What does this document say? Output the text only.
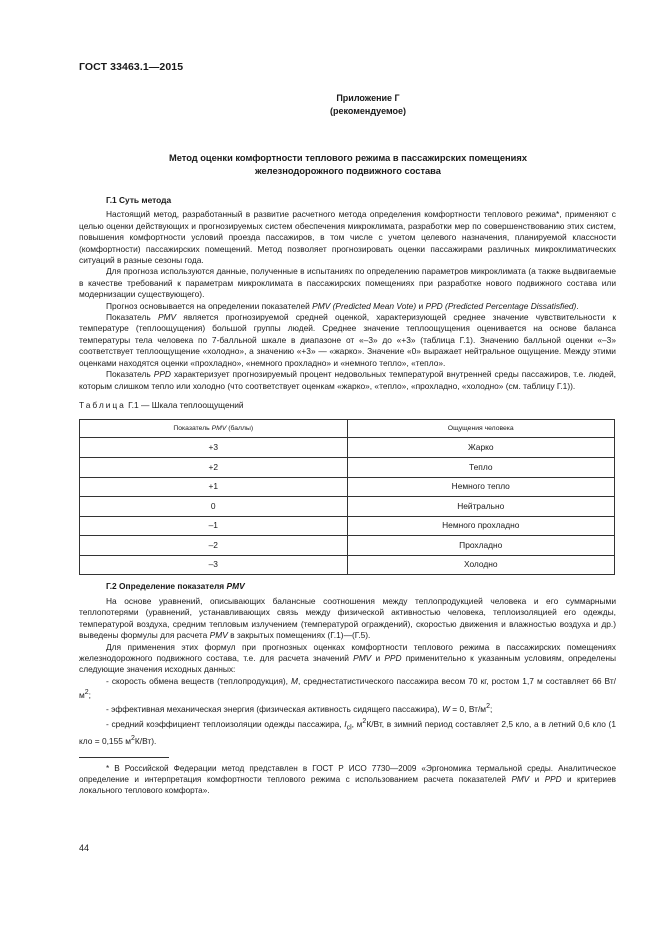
ГОСТ 33463.1—2015
Приложение Г
(рекомендуемое)
Метод оценки комфортности теплового режима в пассажирских помещениях
железнодорожного подвижного состава

Г.1 Суть метода

Настоящий метод, разработанный в развитие расчетного метода определения комфортности теплового режима*, применяют с целью оценки действующих и прогнозируемых систем обеспечения микроклимата, разработки мер по совершенствованию этих систем, повышения комфортности условий проезда пассажиров, в том числе с учетом целевого назначения, планируемой классности (комфортности) пассажирских помещений. Метод позволяет прогнозировать оценки пассажирами различных микроклиматических ситуаций в разные сезоны года.

Для прогноза используются данные, полученные в испытаниях по определению параметров микроклимата (а также выдвигаемые в качестве требований к параметрам микроклимата в пассажирских помещениях при разработке нового подвижного состава или модернизации существующего).

Прогноз основывается на определении показателей PMV (Predicted Mean Vote) и PPD (Predicted Percentage Dissatisfied).

Показатель PMV является прогнозируемой средней оценкой, характеризующей среднее значение чувствительности к температуре (теплоощущения) большой группы людей. Среднее значение теплоощущения оценивается на основе баланса температуры тела человека по 7-балльной шкале в диапазоне от «–3» до «+3» (таблица Г.1). Значению балльной оценки «–3» соответствует теплоощущение «холодно», а значению «+3» — «жарко». Значение «0» выражает нейтральное ощущение. Между этими оценками находятся оценки «прохладно», «немного прохладно» и «немного тепло», «тепло».

Показатель PPD характеризует прогнозируемый процент недовольных температурой внутренней среды пассажиров, т.е. людей, которым слишком тепло или холодно (что соответствует оценкам «жарко», «тепло», «прохладно, «холодно» (см. таблицу Г.1)).

Таблица Г.1 — Шкала теплоощущений
Показатель PMV (баллы)	Ощущения человека
+3	Жарко
+2	Тепло
+1	Немного тепло
0	Нейтрально
–1	Немного прохладно
–2	Прохладно
–3	Холодно

Г.2 Определение показателя PMV

На основе уравнений, описывающих балансные соотношения между теплопродукцией человека и его суммарными теплопотерями (уравнений, устанавливающих связь между физической активностью человека, теплоизоляцией его одежды, температурой воздуха, средним тепловым излучением (температурой ограждений), скоростью движения и влажностью воздуха и др.) выведены формулы для расчета PMV в закрытых помещениях (Г.1)—(Г.5).

Для применения этих формул при прогнозных оценках комфортности теплового режима в пассажирских помещениях железнодорожного подвижного состава, т.е. для расчета значений PMV и PPD применительно к указанным условиям, определены следующие значения исходных данных:

- скорость обмена веществ (теплопродукция), М, среднестатистического пассажира весом 70 кг, ростом 1,7 м составляет 66 $Вт/м^2$;

- эффективная механическая энергия (физическая активность сидящего пассажира), W = 0, $Вт/м^2$;

- средний коэффициент теплоизоляции одежды пассажира, $I_{cl}$, $м^2К/Вт$, в зимний период составляет 2,5 кло, а в летний 0,6 кло (1 кло = 0,155 $м^2К/Вт$).

* В Российской Федерации метод представлен в ГОСТ Р ИСО 7730—2009 «Эргономика термальной среды. Аналитическое определение и интерпретация комфортности теплового режима с использованием расчета показателей PMV и PPD и критериев локального теплового комфорта».

44
